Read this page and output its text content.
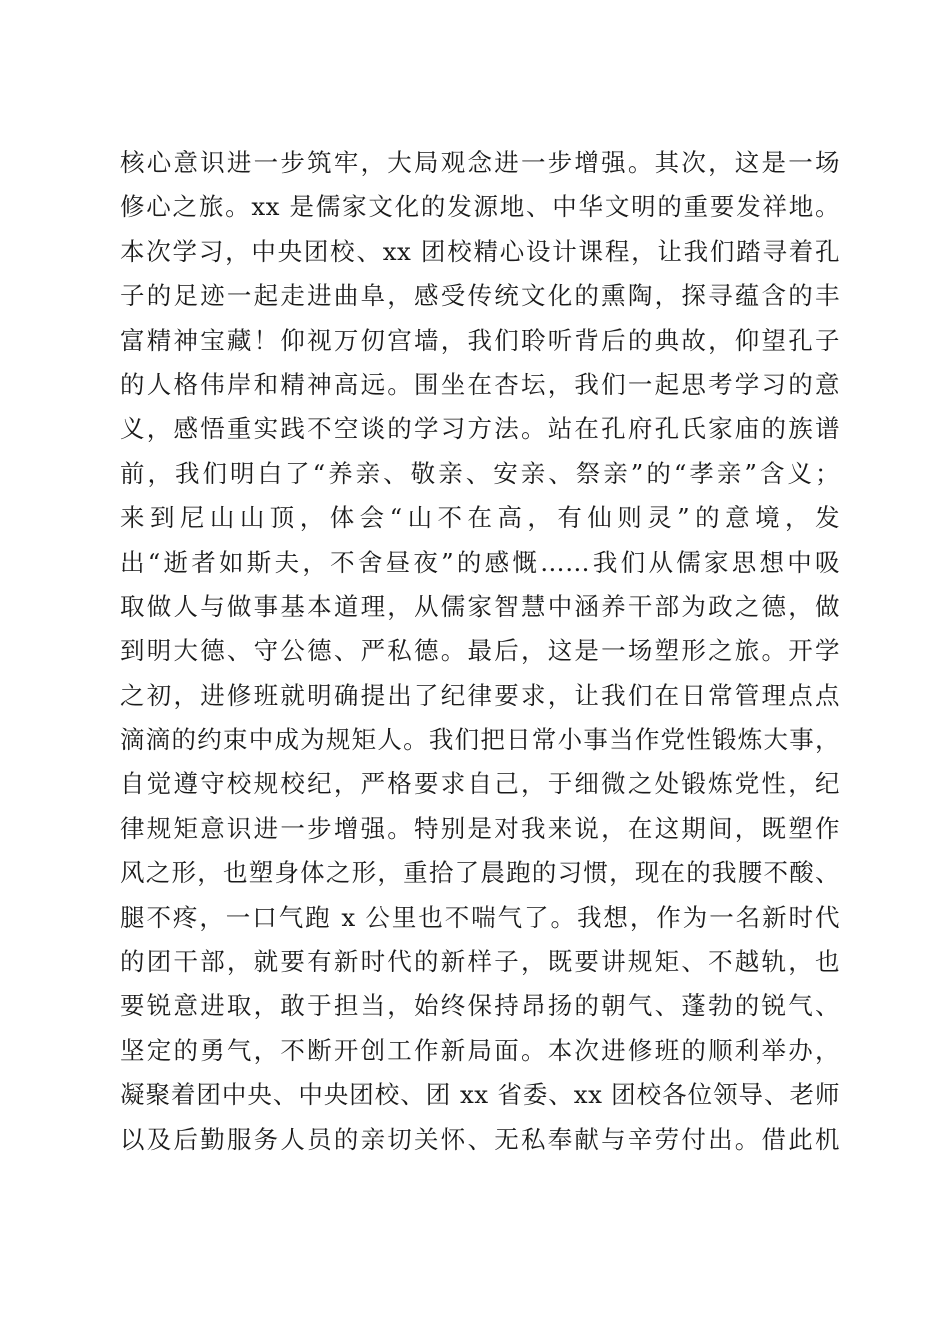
核心意识进一步筑牢，大局观念进一步增强。其次，这是一场
修心之旅。xx 是儒家文化的发源地、中华文明的重要发祥地。
本次学习，中央团校、xx 团校精心设计课程，让我们踏寻着孔
子的足迹一起走进曲阜，感受传统文化的熏陶，探寻蕴含的丰
富精神宝藏！仰视万仞宫墙，我们聆听背后的典故，仰望孔子
的人格伟岸和精神高远。围坐在杏坛，我们一起思考学习的意
义，感悟重实践不空谈的学习方法。站在孔府孔氏家庙的族谱
前，我们明白了“养亲、敬亲、安亲、祭亲”的“孝亲”含义；
来到尼山山顶，体会“山不在高，有仙则灵”的意境，发
出“逝者如斯夫，不舍昼夜”的感慨……我们从儒家思想中吸
取做人与做事基本道理，从儒家智慧中涵养干部为政之德，做
到明大德、守公德、严私德。最后，这是一场塑形之旅。开学
之初，进修班就明确提出了纪律要求，让我们在日常管理点点
滴滴的约束中成为规矩人。我们把日常小事当作党性锻炼大事，
自觉遵守校规校纪，严格要求自己，于细微之处锻炼党性，纪
律规矩意识进一步增强。特别是对我来说，在这期间，既塑作
风之形，也塑身体之形，重拾了晨跑的习惯，现在的我腰不酸、
腿不疼，一口气跑 x 公里也不喘气了。我想，作为一名新时代
的团干部，就要有新时代的新样子，既要讲规矩、不越轨，也
要锐意进取，敢于担当，始终保持昂扬的朝气、蓬勃的锐气、
坚定的勇气，不断开创工作新局面。本次进修班的顺利举办，
凝聚着团中央、中央团校、团 xx 省委、xx 团校各位领导、老师
以及后勤服务人员的亲切关怀、无私奉献与辛劳付出。借此机
